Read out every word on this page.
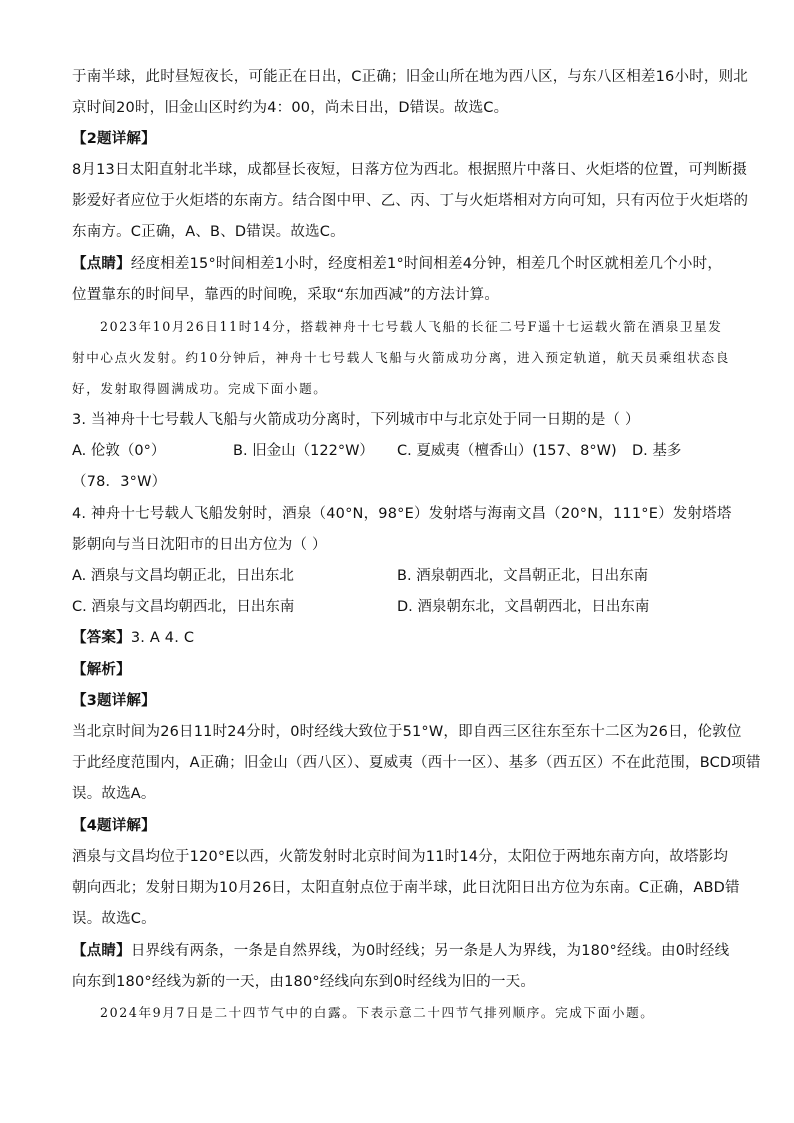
于南半球，此时昼短夜长，可能正在日出，C正确；旧金山所在地为西八区，与东八区相差16小时，则北
京时间20时，旧金山区时约为4：00，尚未日出，D错误。故选C。
【2题详解】
8月13日太阳直射北半球，成都昼长夜短，日落方位为西北。根据照片中落日、火炬塔的位置，可判断摄
影爱好者应位于火炬塔的东南方。结合图中甲、乙、丙、丁与火炬塔相对方向可知，只有丙位于火炬塔的
东南方。C正确，A、B、D错误。故选C。
【点睛】经度相差15°时间相差1小时，经度相差1°时间相差4分钟，相差几个时区就相差几个小时，
位置靠东的时间早，靠西的时间晚，采取“东加西减”的方法计算。
2023年10月26日11时14分，搭载神舟十七号载人飞船的长征二号F遥十七运载火箭在酒泉卫星发
射中心点火发射。约10分钟后，神舟十七号载人飞船与火箭成功分离，进入预定轨道，航天员乘组状态良
好，发射取得圆满成功。完成下面小题。
3. 当神舟十七号载人飞船与火箭成功分离时，下列城市中与北京处于同一日期的是（ ）
A. 伦敦（0°）	B. 旧金山（122°W） C. 夏威夷（檀香山）(157、8°W) D. 基多
（78．3°W）
4. 神舟十七号载人飞船发射时，酒泉（40°N，98°E）发射塔与海南文昌（20°N，111°E）发射塔塔
影朝向与当日沈阳市的日出方位为（ ）
A. 酒泉与文昌均朝正北，日出东北	B. 酒泉朝西北，文昌朝正北，日出东南
C. 酒泉与文昌均朝西北，日出东南	D. 酒泉朝东北，文昌朝西北，日出东南
【答案】3. A 4. C
【解析】
【3题详解】
当北京时间为26日11时24分时，0时经线大致位于51°W，即自西三区往东至东十二区为26日，伦敦位
于此经度范围内，A正确；旧金山（西八区）、夏威夷（西十一区）、基多（西五区）不在此范围，BCD项错
误。故选A。
【4题详解】
酒泉与文昌均位于120°E以西，火箭发射时北京时间为11时14分，太阳位于两地东南方向，故塔影均
朝向西北；发射日期为10月26日，太阳直射点位于南半球，此日沈阳日出方位为东南。C正确，ABD错
误。故选C。
【点睛】日界线有两条，一条是自然界线，为0时经线；另一条是人为界线，为180°经线。由0时经线
向东到180°经线为新的一天，由180°经线向东到0时经线为旧的一天。
2024年9月7日是二十四节气中的白露。下表示意二十四节气排列顺序。完成下面小题。
